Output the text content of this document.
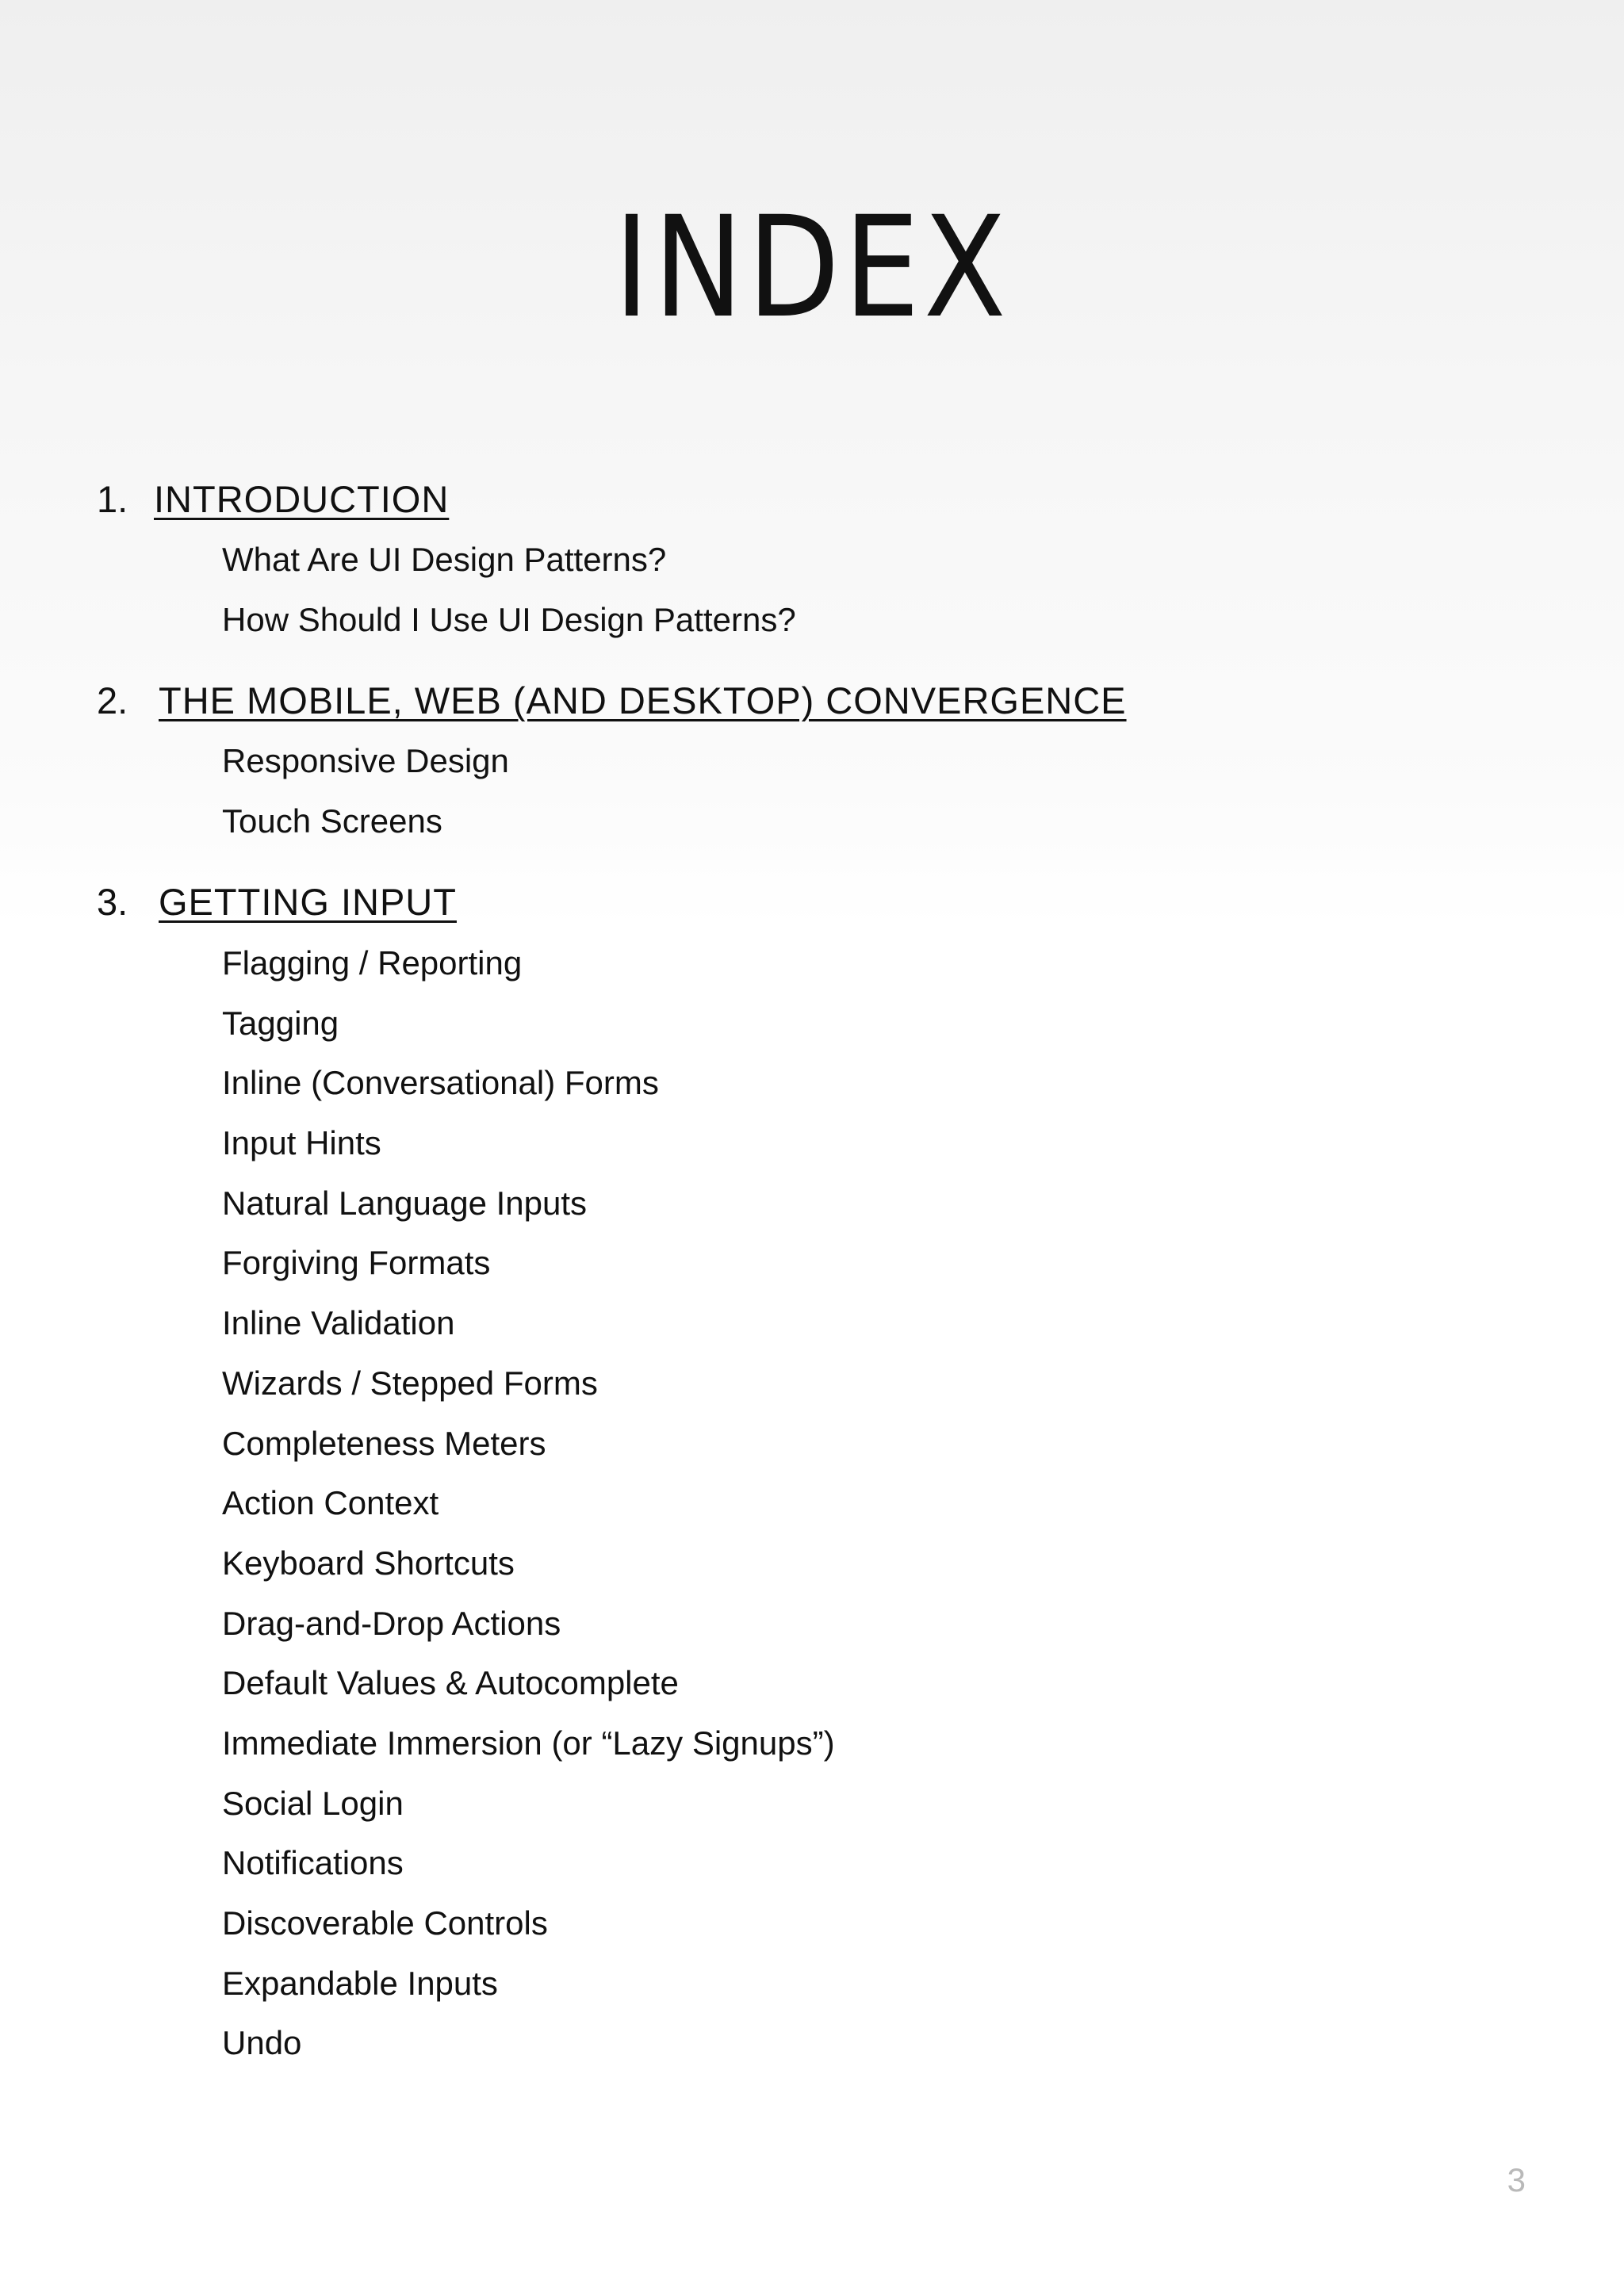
INDEX
1. INTRODUCTION
What Are UI Design Patterns?
How Should I Use UI Design Patterns?
2. THE MOBILE, WEB (AND DESKTOP) CONVERGENCE
Responsive Design
Touch Screens
3. GETTING INPUT
Flagging / Reporting
Tagging
Inline (Conversational) Forms
Input Hints
Natural Language Inputs
Forgiving Formats
Inline Validation
Wizards / Stepped Forms
Completeness Meters
Action Context
Keyboard Shortcuts
Drag-and-Drop Actions
Default Values & Autocomplete
Immediate Immersion (or “Lazy Signups”)
Social Login
Notifications
Discoverable Controls
Expandable Inputs
Undo
3
